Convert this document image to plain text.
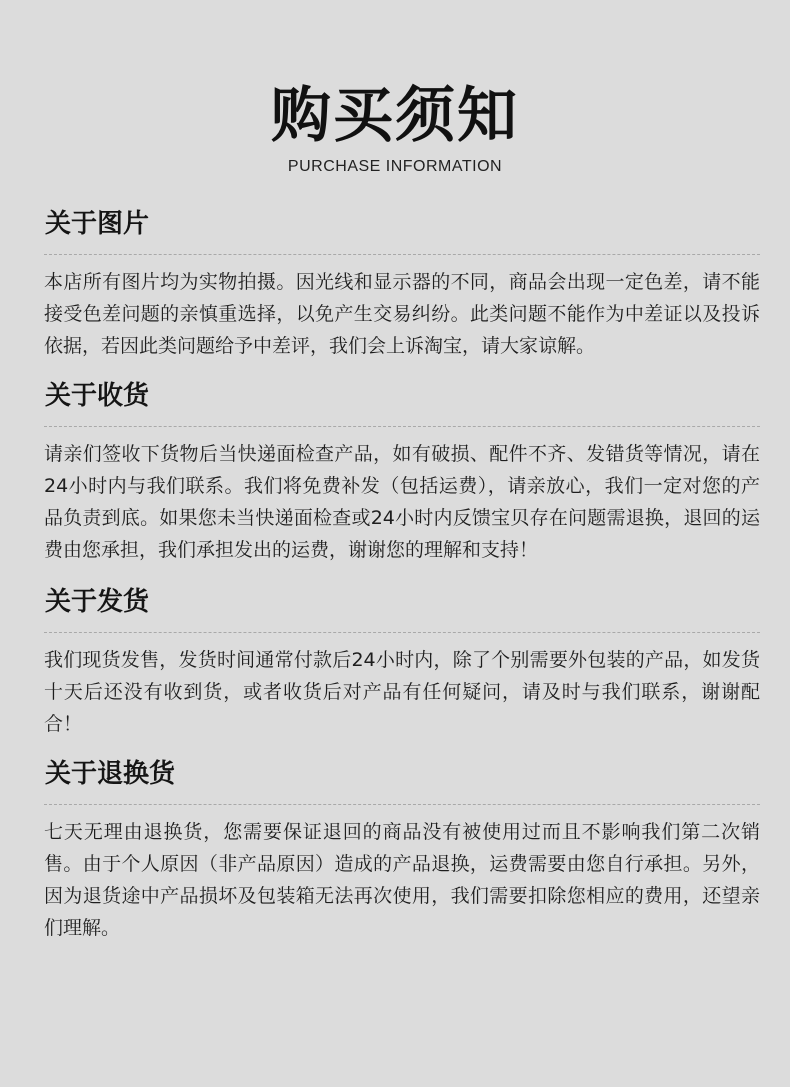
购买须知
PURCHASE INFORMATION
关于图片
本店所有图片均为实物拍摄。因光线和显示器的不同，商品会出现一定色差，请不能接受色差问题的亲慎重选择，以免产生交易纠纷。此类问题不能作为中差证以及投诉依据，若因此类问题给予中差评，我们会上诉淘宝，请大家谅解。
关于收货
请亲们签收下货物后当快递面检查产品，如有破损、配件不齐、发错货等情况，请在24小时内与我们联系。我们将免费补发（包括运费），请亲放心，我们一定对您的产品负责到底。如果您未当快递面检查或24小时内反馈宝贝存在问题需退换，退回的运费由您承担，我们承担发出的运费，谢谢您的理解和支持！
关于发货
我们现货发售，发货时间通常付款后24小时内，除了个别需要外包装的产品，如发货十天后还没有收到货，或者收货后对产品有任何疑问，请及时与我们联系，谢谢配合！
关于退换货
七天无理由退换货，您需要保证退回的商品没有被使用过而且不影响我们第二次销售。由于个人原因（非产品原因）造成的产品退换，运费需要由您自行承担。另外，因为退货途中产品损坏及包装箱无法再次使用，我们需要扣除您相应的费用，还望亲们理解。
